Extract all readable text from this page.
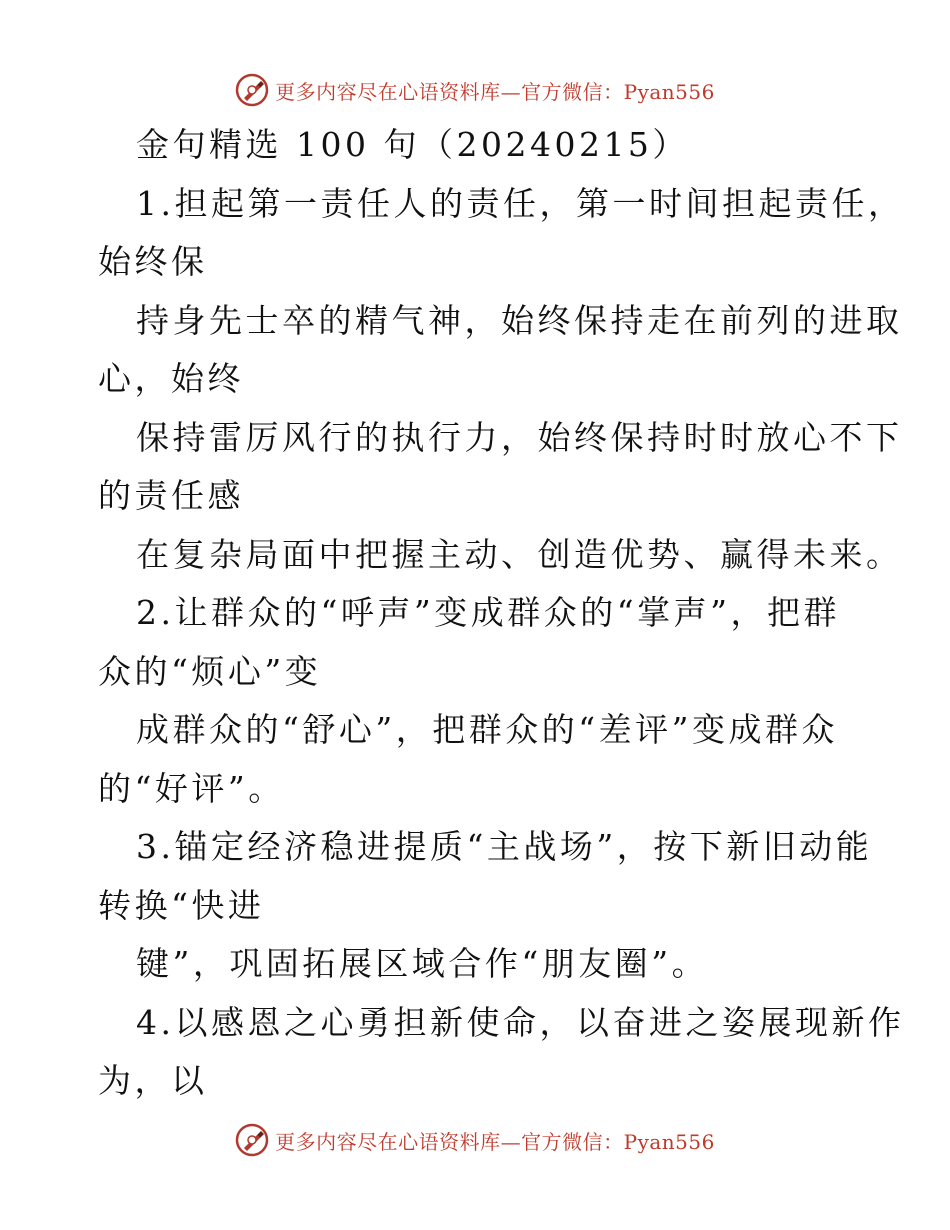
更多内容尽在心语资料库—官方微信：Pyan556
金句精选 100 句（20240215）
1.担起第一责任人的责任，第一时间担起责任，
始终保
持身先士卒的精气神，始终保持走在前列的进取
心，始终
保持雷厉风行的执行力，始终保持时时放心不下
的责任感
在复杂局面中把握主动、创造优势、赢得未来。
2.让群众的“呼声”变成群众的“掌声”，把群
众的“烦心”变
成群众的“舒心”，把群众的“差评”变成群众
的“好评”。
3.锚定经济稳进提质“主战场”，按下新旧动能
转换“快进
键”，巩固拓展区域合作“朋友圈”。
4.以感恩之心勇担新使命，以奋进之姿展现新作
为，以
更多内容尽在心语资料库—官方微信：Pyan556
